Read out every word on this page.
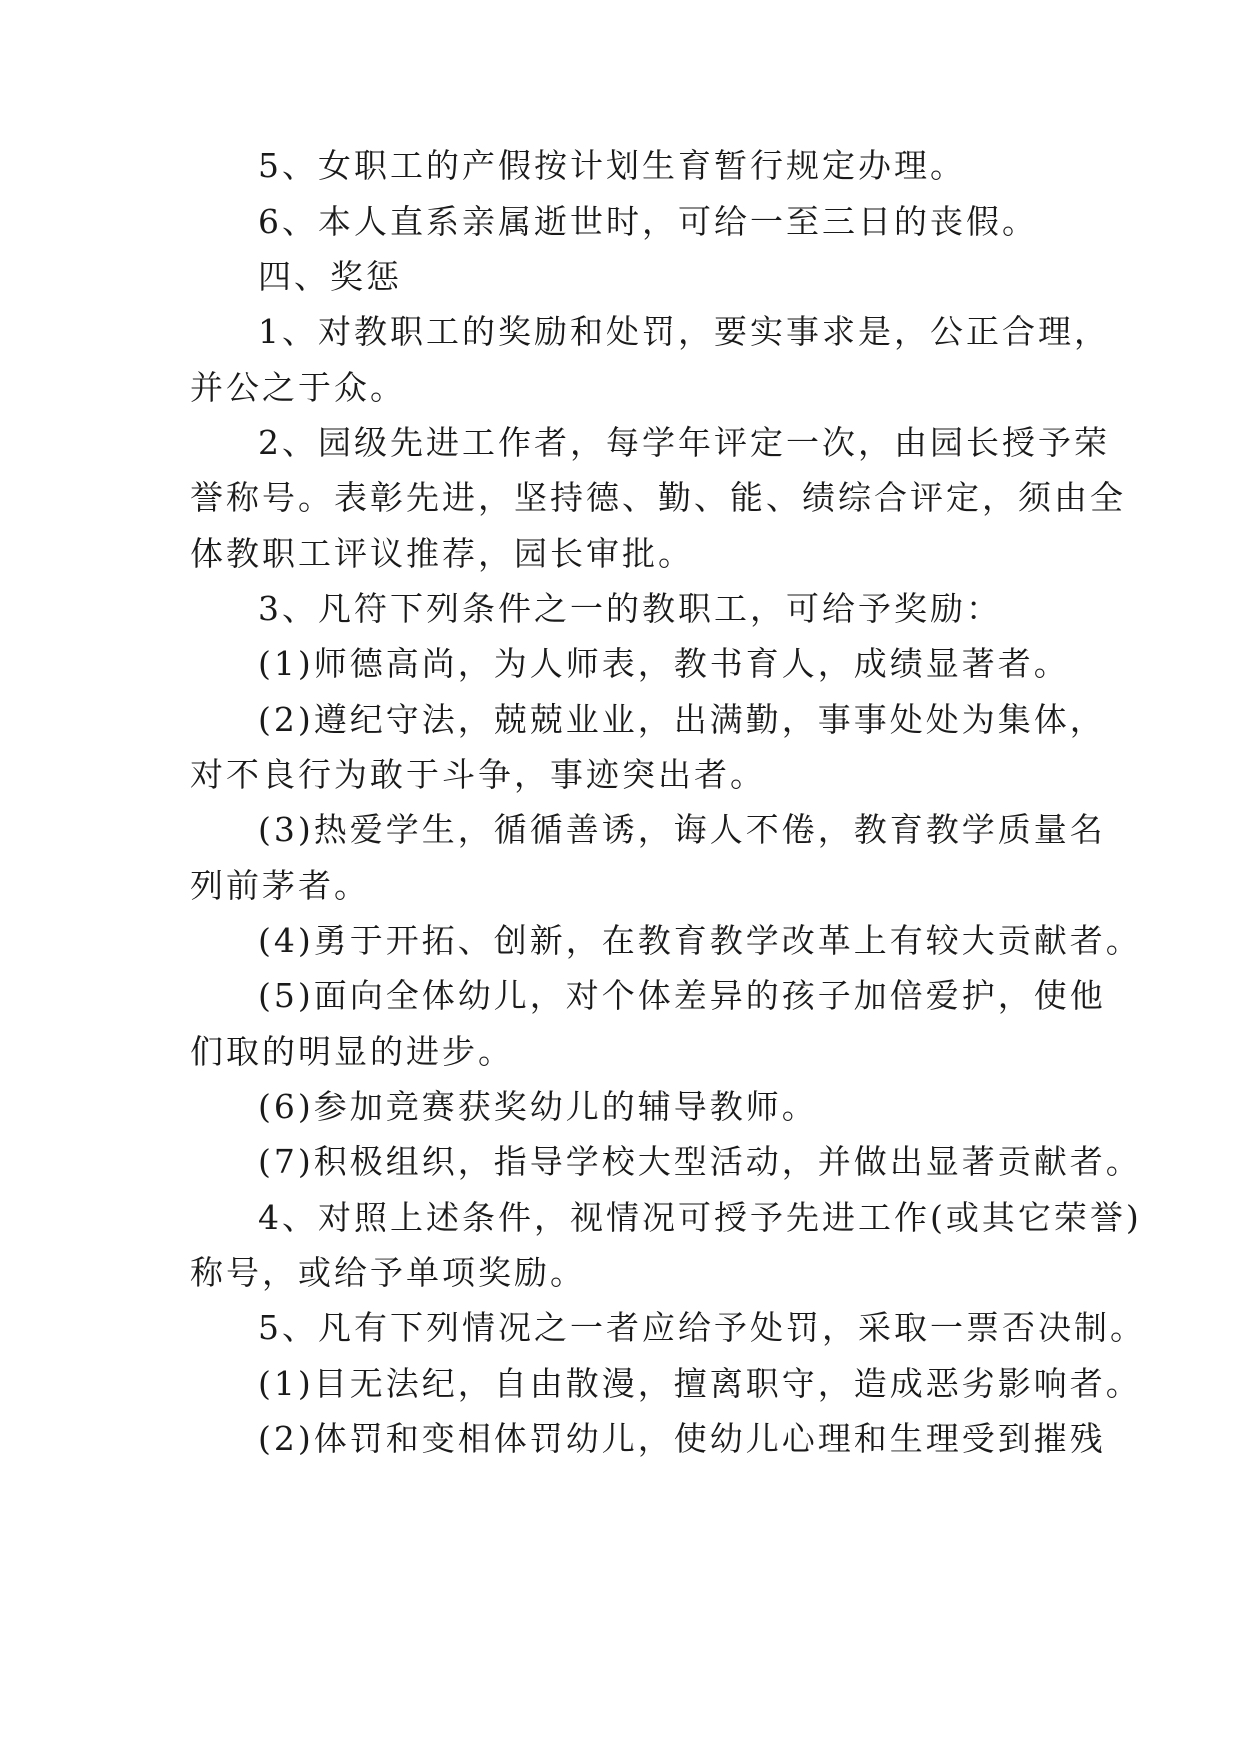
5、女职工的产假按计划生育暂行规定办理。
6、本人直系亲属逝世时，可给一至三日的丧假。
四、奖惩
1、对教职工的奖励和处罚，要实事求是，公正合理，
并公之于众。
2、园级先进工作者，每学年评定一次，由园长授予荣
誉称号。表彰先进，坚持德、勤、能、绩综合评定，须由全
体教职工评议推荐，园长审批。
3、凡符下列条件之一的教职工，可给予奖励：
(1)师德高尚，为人师表，教书育人，成绩显著者。
(2)遵纪守法，兢兢业业，出满勤，事事处处为集体，
对不良行为敢于斗争，事迹突出者。
(3)热爱学生，循循善诱，诲人不倦，教育教学质量名
列前茅者。
(4)勇于开拓、创新，在教育教学改革上有较大贡献者。
(5)面向全体幼儿，对个体差异的孩子加倍爱护，使他
们取的明显的进步。
(6)参加竞赛获奖幼儿的辅导教师。
(7)积极组织，指导学校大型活动，并做出显著贡献者。
4、对照上述条件，视情况可授予先进工作(或其它荣誉)
称号，或给予单项奖励。
5、凡有下列情况之一者应给予处罚，采取一票否决制。
(1)目无法纪，自由散漫，擅离职守，造成恶劣影响者。
(2)体罚和变相体罚幼儿，使幼儿心理和生理受到摧残
